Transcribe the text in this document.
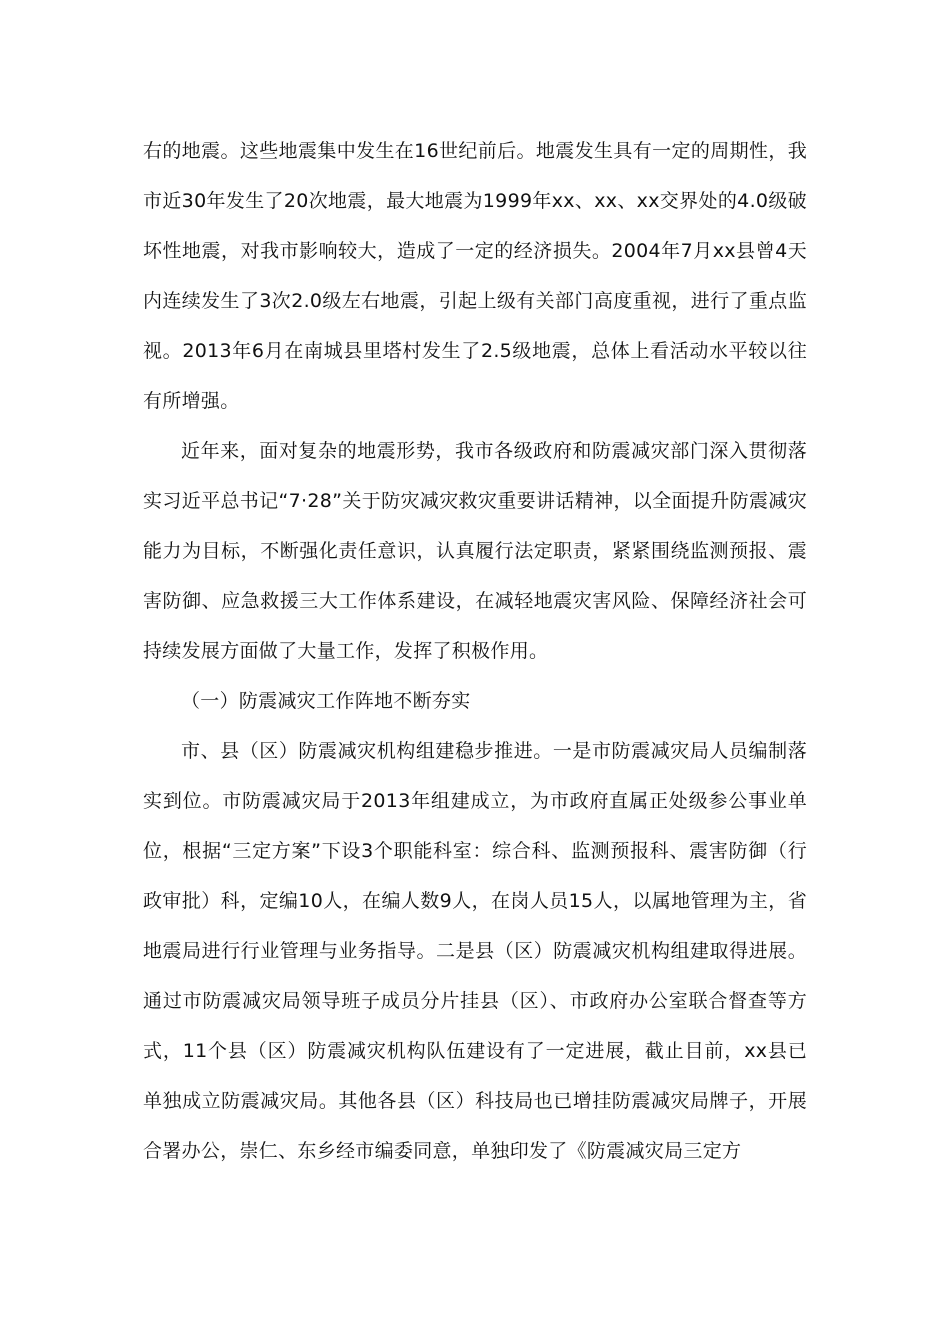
右的地震。这些地震集中发生在16世纪前后。地震发生具有一定的周期性，我市近30年发生了20次地震，最大地震为1999年xx、xx、xx交界处的4.0级破坏性地震，对我市影响较大，造成了一定的经济损失。2004年7月xx县曾4天内连续发生了3次2.0级左右地震，引起上级有关部门高度重视，进行了重点监视。2013年6月在南城县里塔村发生了2.5级地震，总体上看活动水平较以往有所增强。

近年来，面对复杂的地震形势，我市各级政府和防震减灾部门深入贯彻落实习近平总书记“7·28”关于防灾减灾救灾重要讲话精神，以全面提升防震减灾能力为目标，不断强化责任意识，认真履行法定职责，紧紧围绕监测预报、震害防御、应急救援三大工作体系建设，在减轻地震灾害风险、保障经济社会可持续发展方面做了大量工作，发挥了积极作用。

（一）防震减灾工作阵地不断夯实

市、县（区）防震减灾机构组建稳步推进。一是市防震减灾局人员编制落实到位。市防震减灾局于2013年组建成立，为市政府直属正处级参公事业单位，根据“三定方案”下设3个职能科室：综合科、监测预报科、震害防御（行政审批）科，定编10人，在编人数9人，在岗人员15人，以属地管理为主，省地震局进行行业管理与业务指导。二是县（区）防震减灾机构组建取得进展。通过市防震减灾局领导班子成员分片挂县（区）、市政府办公室联合督查等方式，11个县（区）防震减灾机构队伍建设有了一定进展，截止目前，xx县已单独成立防震减灾局。其他各县（区）科技局也已增挂防震减灾局牌子，开展合署办公，崇仁、东乡经市编委同意，单独印发了《防震减灾局三定方
